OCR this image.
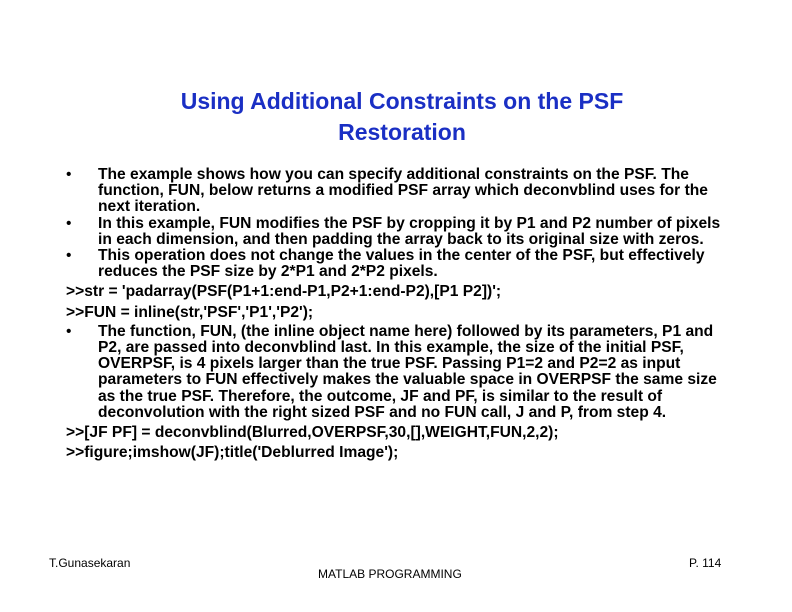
Using Additional Constraints on the PSF
Restoration
• The example shows how you can specify additional constraints on the PSF. The function, FUN, below returns a modified PSF array which deconvblind uses for the next iteration.
• In this example, FUN modifies the PSF by cropping it by P1 and P2 number of pixels in each dimension, and then padding the array back to its original size with zeros.
• This operation does not change the values in the center of the PSF, but effectively reduces the PSF size by 2*P1 and 2*P2 pixels.
>>str = 'padarray(PSF(P1+1:end-P1,P2+1:end-P2),[P1 P2])';
>>FUN = inline(str,'PSF','P1','P2');
• The function, FUN, (the inline object name here) followed by its parameters, P1 and P2, are passed into deconvblind last. In this example, the size of the initial PSF, OVERPSF, is 4 pixels larger than the true PSF. Passing P1=2 and P2=2 as input parameters to FUN effectively makes the valuable space in OVERPSF the same size as the true PSF. Therefore, the outcome, JF and PF, is similar to the result of deconvolution with the right sized PSF and no FUN call, J and P, from step 4.
>>[JF PF] = deconvblind(Blurred,OVERPSF,30,[],WEIGHT,FUN,2,2);
>>figure;imshow(JF);title('Deblurred Image');
T.Gunasekaran
MATLAB PROGRAMMING
P. 114
